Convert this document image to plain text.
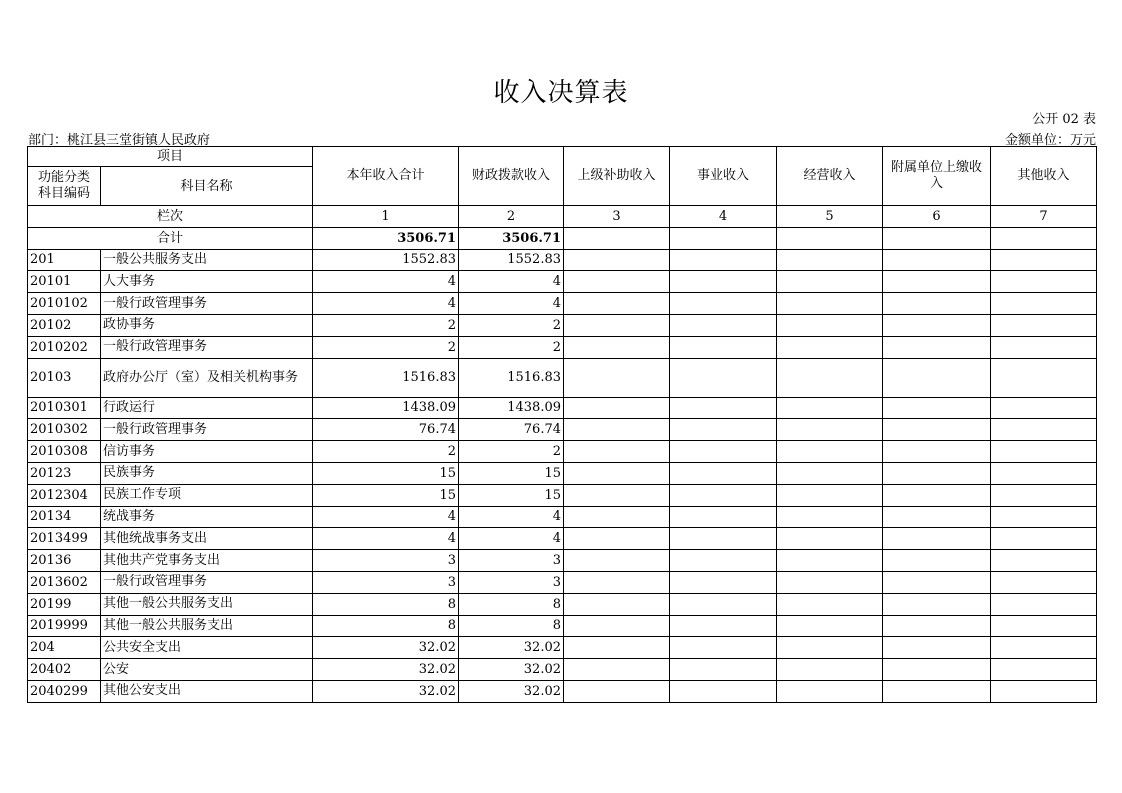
收入决算表
公开 02 表
部门：桃江县三堂街镇人民政府	金额单位：万元
项目		本年收入合计	财政拨款收入	上级补助收入	事业收入	经营收入	附属单位上缴收入	其他收入
功能分类
科目编码	科目名称							
栏次		1	2	3	4	5	6	7
合计		3506.71	3506.71					
201	一般公共服务支出	1552.83	1552.83					
20101	人大事务	4	4					
2010102	一般行政管理事务	4	4					
20102	政协事务	2	2					
2010202	一般行政管理事务	2	2					
20103	政府办公厅（室）及相关机构事务	1516.83	1516.83					
2010301	行政运行	1438.09	1438.09					
2010302	一般行政管理事务	76.74	76.74					
2010308	信访事务	2	2					
20123	民族事务	15	15					
2012304	民族工作专项	15	15					
20134	统战事务	4	4					
2013499	其他统战事务支出	4	4					
20136	其他共产党事务支出	3	3					
2013602	一般行政管理事务	3	3					
20199	其他一般公共服务支出	8	8					
2019999	其他一般公共服务支出	8	8					
204	公共安全支出	32.02	32.02					
20402	公安	32.02	32.02					
2040299	其他公安支出	32.02	32.02					
